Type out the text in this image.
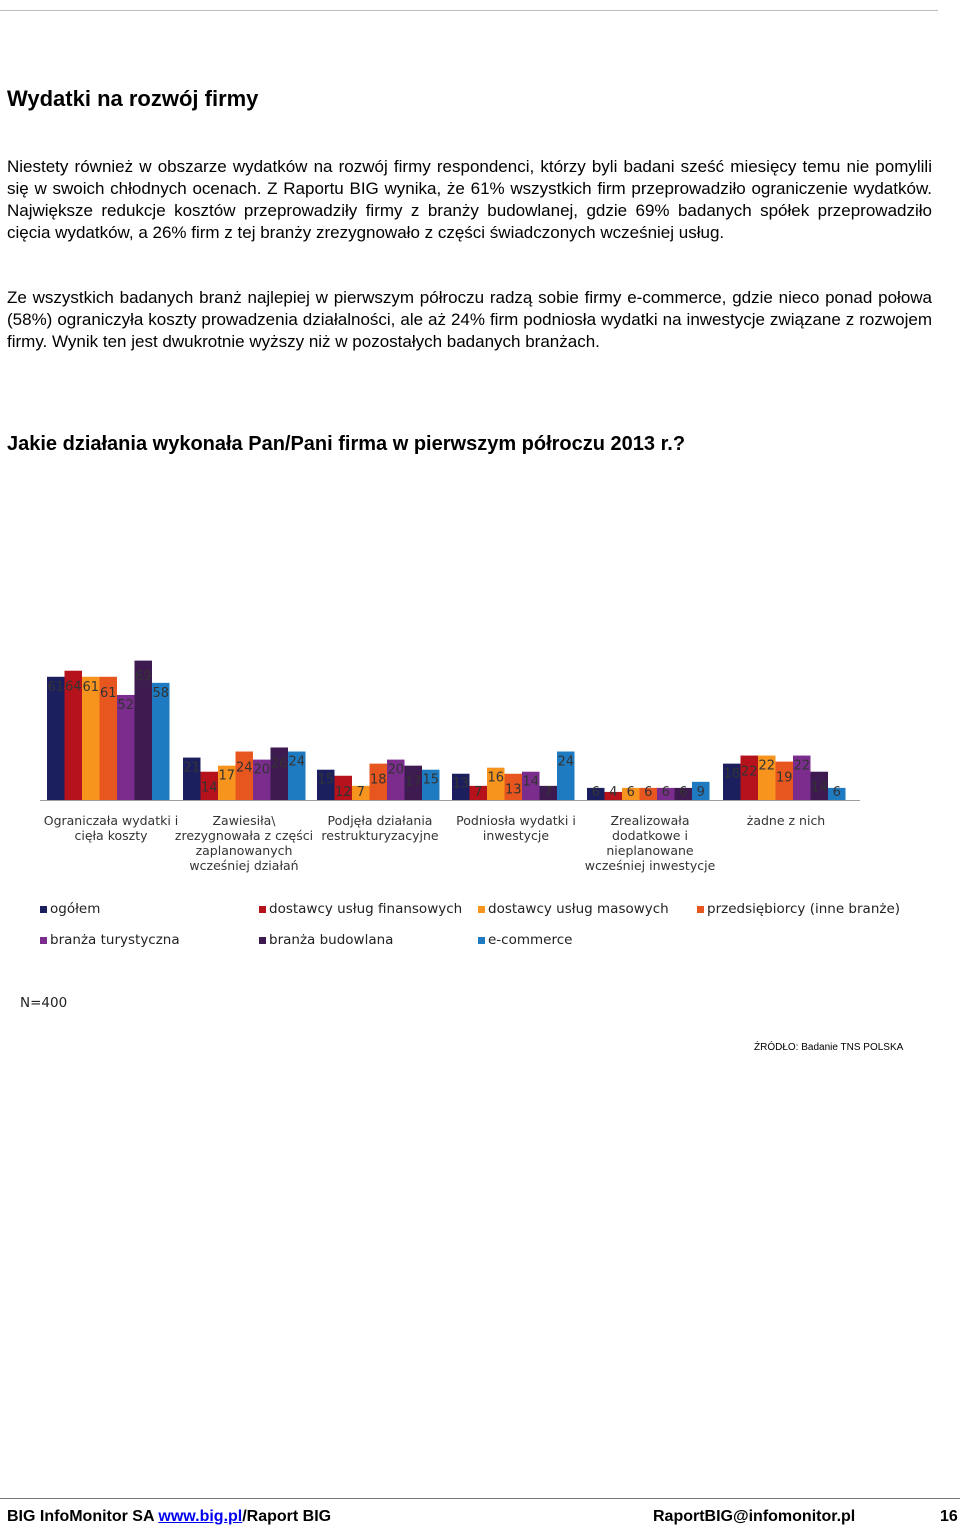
Wydatki na rozwój firmy

Niestety również w obszarze wydatków na rozwój firmy respondenci, którzy byli badani sześć miesięcy temu nie pomylili się w swoich chłodnych ocenach. Z Raportu BIG wynika, że 61% wszystkich firm przeprowadziło ograniczenie wydatków. Największe redukcje kosztów przeprowadziły firmy z branży budowlanej, gdzie 69% badanych spółek przeprowadziło cięcia wydatków, a 26% firm z tej branży zrezygnowało z części świadczonych wcześniej usług.

Ze wszystkich badanych branż najlepiej w pierwszym półroczu radzą sobie firmy e-commerce, gdzie nieco ponad połowa (58%) ograniczyła koszty prowadzenia działalności, ale aż 24% firm podniosła wydatki na inwestycje związane z rozwojem firmy. Wynik ten jest dwukrotnie wyższy niż w pozostałych badanych branżach.

Jakie działania wykonała Pan/Pani firma w pierwszym półroczu 2013 r.?
61 64 61 61
52
69
58
21
14
17
24 20 26 24
15
12 7
18
20
17 15 13
7
16
13
14
7
24
6 4 6 6 6 6 9
18 22 22
19
22
14 6
Ograniczała wydatki i cięła koszty
Zawiesiła\ zrezygnowała z części zaplanowanych wcześniej działań
Podjęła działania restrukturyzacyjne
Podniosła wydatki i inwestycje
Zrealizowała dodatkowe i nieplanowane wcześniej inwestycje
żadne z nich
ogółem	dostawcy usług finansowych dostawcy usług masowych	przedsiębiorcy (inne branże)
branża turystyczna	branża budowlana	e-commerce
N=400
ŹRÓDŁO: Badanie TNS POLSKA
BIG InfoMonitor SA www.big.pl/Raport BIG	RaportBIG@infomonitor.pl	16
